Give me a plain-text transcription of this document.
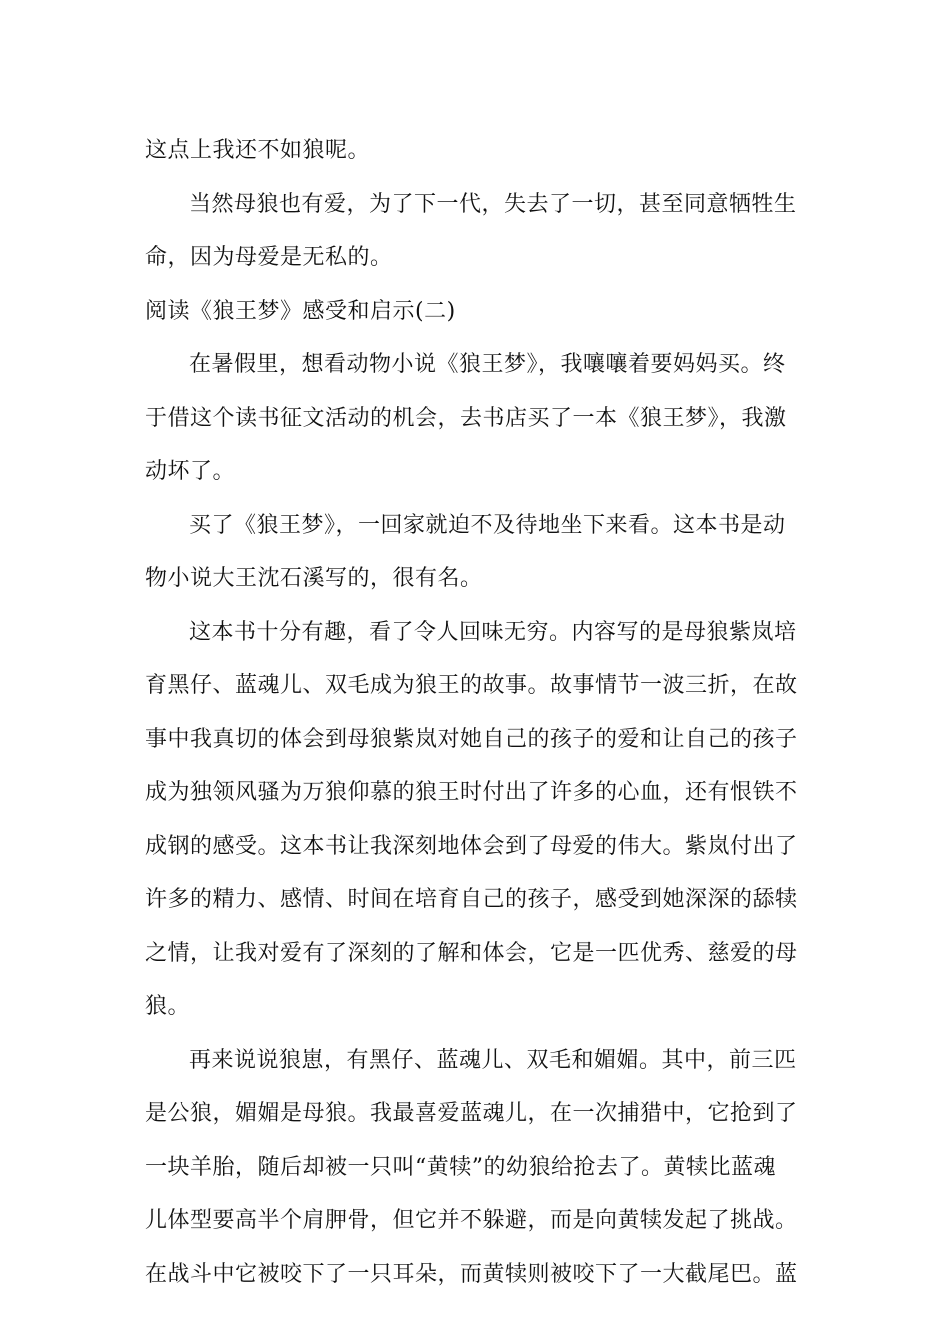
这点上我还不如狼呢。
当然母狼也有爱，为了下一代，失去了一切，甚至同意牺牲生
命，因为母爱是无私的。
阅读《狼王梦》感受和启示(二)
在暑假里，想看动物小说《狼王梦》，我嚷嚷着要妈妈买。终
于借这个读书征文活动的机会，去书店买了一本《狼王梦》，我激
动坏了。
买了《狼王梦》，一回家就迫不及待地坐下来看。这本书是动
物小说大王沈石溪写的，很有名。
这本书十分有趣，看了令人回味无穷。内容写的是母狼紫岚培
育黑仔、蓝魂儿、双毛成为狼王的故事。故事情节一波三折，在故
事中我真切的体会到母狼紫岚对她自己的孩子的爱和让自己的孩子
成为独领风骚为万狼仰慕的狼王时付出了许多的心血，还有恨铁不
成钢的感受。这本书让我深刻地体会到了母爱的伟大。紫岚付出了
许多的精力、感情、时间在培育自己的孩子，感受到她深深的舔犊
之情，让我对爱有了深刻的了解和体会，它是一匹优秀、慈爱的母
狼。
再来说说狼崽，有黑仔、蓝魂儿、双毛和媚媚。其中，前三匹
是公狼，媚媚是母狼。我最喜爱蓝魂儿，在一次捕猎中，它抢到了
一块羊胎，随后却被一只叫“黄犊”的幼狼给抢去了。黄犊比蓝魂
儿体型要高半个肩胛骨，但它并不躲避，而是向黄犊发起了挑战。
在战斗中它被咬下了一只耳朵，而黄犊则被咬下了一大截尾巴。蓝
